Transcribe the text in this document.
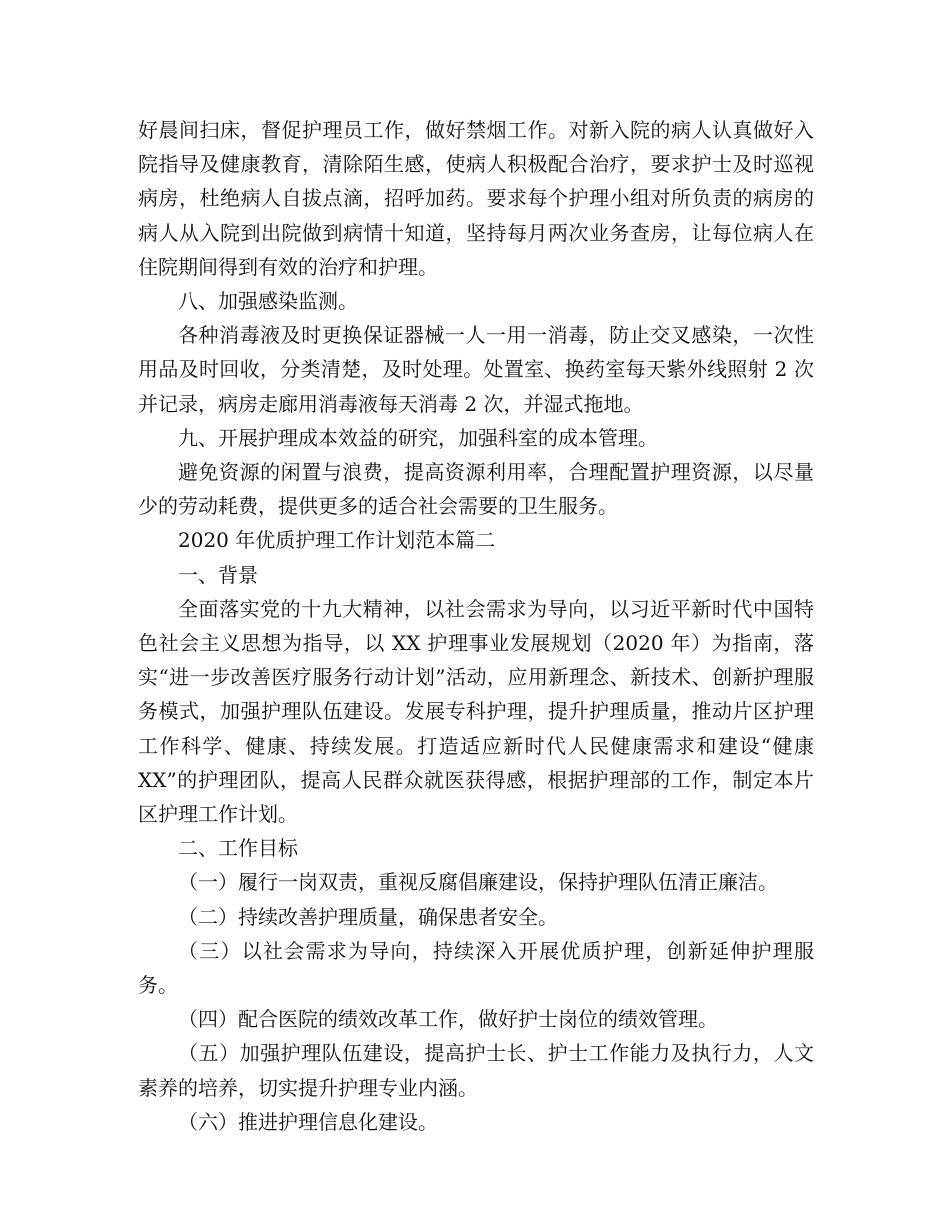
好晨间扫床，督促护理员工作，做好禁烟工作。对新入院的病人认真做好入院指导及健康教育，清除陌生感，使病人积极配合治疗，要求护士及时巡视病房，杜绝病人自拔点滴，招呼加药。要求每个护理小组对所负责的病房的病人从入院到出院做到病情十知道，坚持每月两次业务查房，让每位病人在住院期间得到有效的治疗和护理。

八、加强感染监测。

各种消毒液及时更换保证器械一人一用一消毒，防止交叉感染，一次性用品及时回收，分类清楚，及时处理。处置室、换药室每天紫外线照射 2 次并记录，病房走廊用消毒液每天消毒 2 次，并湿式拖地。

九、开展护理成本效益的研究，加强科室的成本管理。

避免资源的闲置与浪费，提高资源利用率，合理配置护理资源，以尽量少的劳动耗费，提供更多的适合社会需要的卫生服务。

2020 年优质护理工作计划范本篇二

一、背景

全面落实党的十九大精神，以社会需求为导向，以习近平新时代中国特色社会主义思想为指导，以 XX 护理事业发展规划（2020 年）为指南，落实“进一步改善医疗服务行动计划”活动，应用新理念、新技术、创新护理服务模式，加强护理队伍建设。发展专科护理，提升护理质量，推动片区护理工作科学、健康、持续发展。打造适应新时代人民健康需求和建设“健康 XX”的护理团队，提高人民群众就医获得感，根据护理部的工作，制定本片区护理工作计划。

二、工作目标

（一）履行一岗双责，重视反腐倡廉建设，保持护理队伍清正廉洁。

（二）持续改善护理质量，确保患者安全。

（三）以社会需求为导向，持续深入开展优质护理，创新延伸护理服务。

（四）配合医院的绩效改革工作，做好护士岗位的绩效管理。

（五）加强护理队伍建设，提高护士长、护士工作能力及执行力，人文素养的培养，切实提升护理专业内涵。

（六）推进护理信息化建设。
